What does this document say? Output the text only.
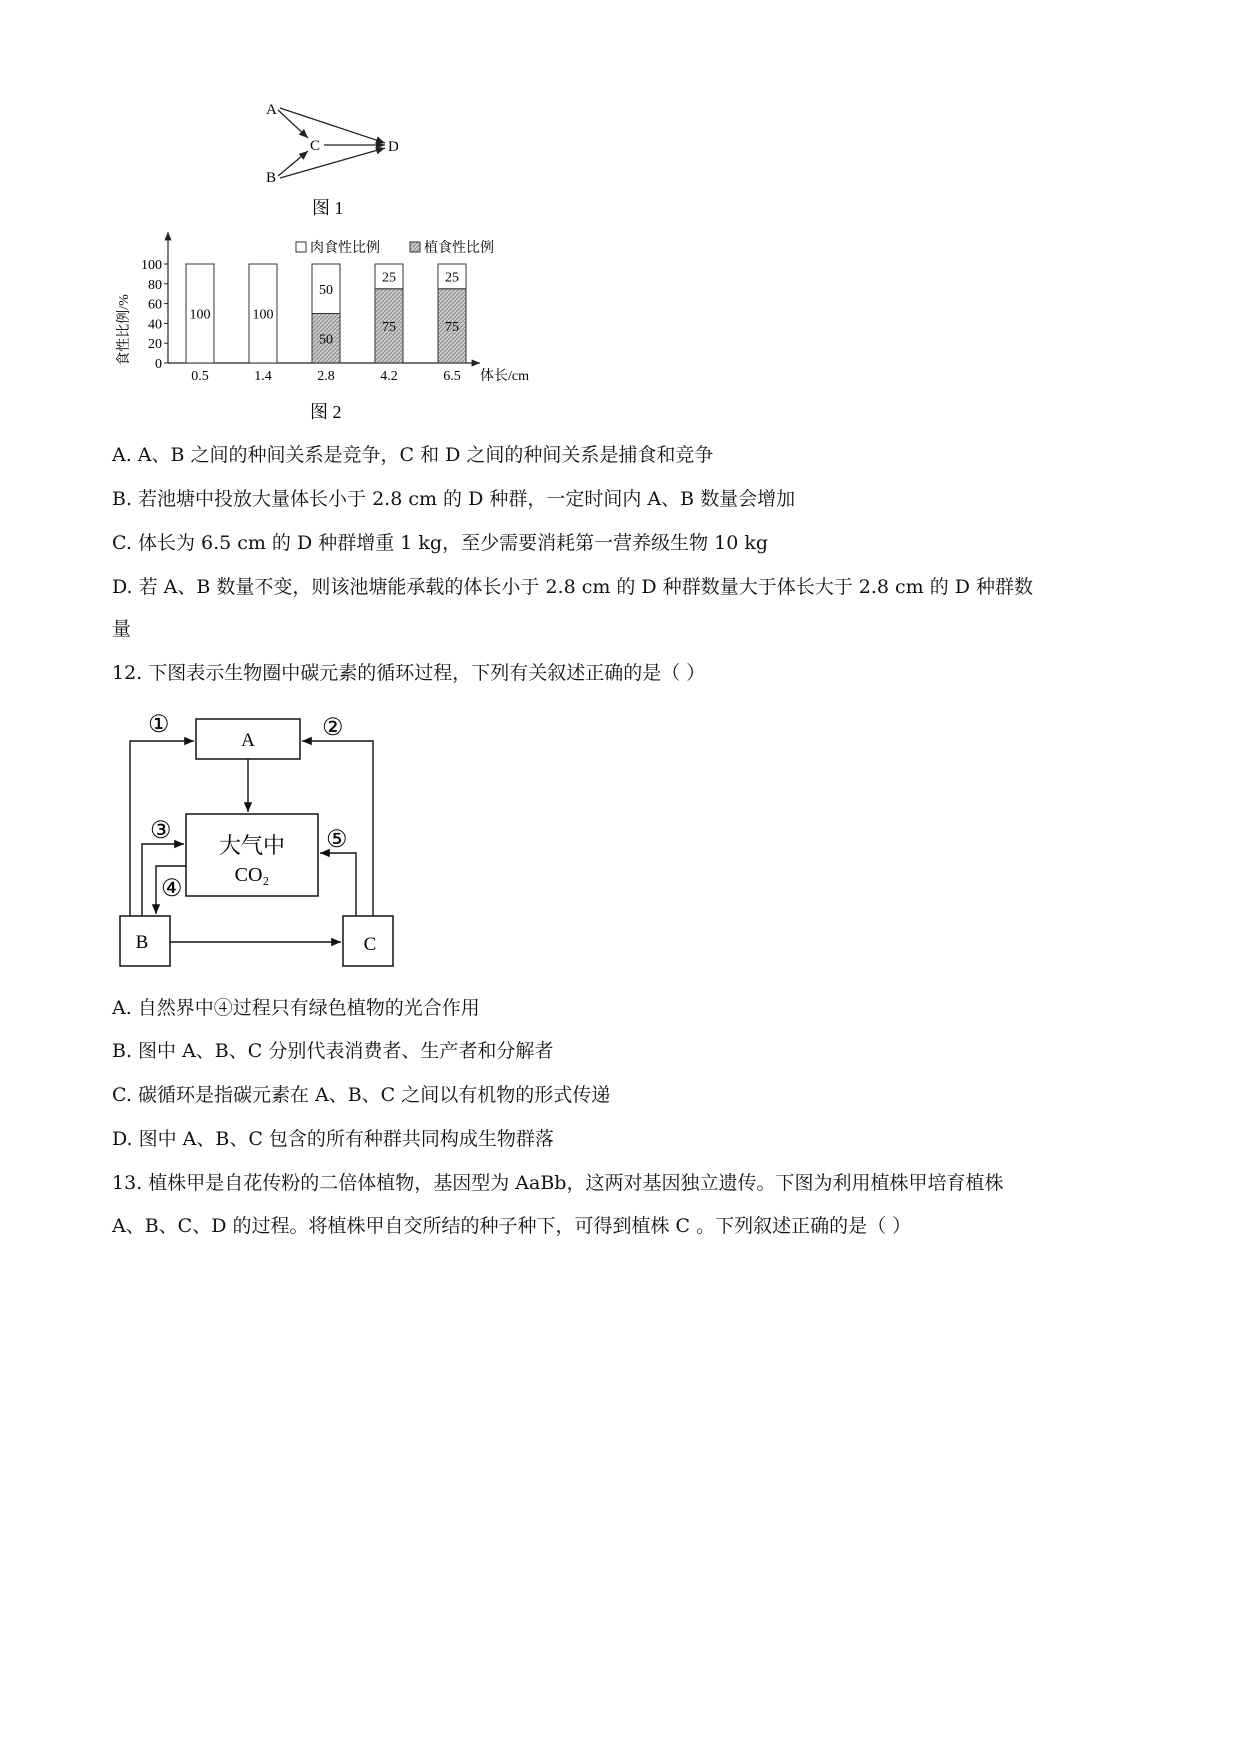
A
B
C	D
图 1
食性比例/% 0
20
40
60
80
100
100	100
50
50
75
25
75
25
0.5	1.4	2.8	4.2	6.5 体长/cm
肉食性比例	植食性比例
图 2
A. A、B 之间的种间关系是竞争，C 和 D 之间的种间关系是捕食和竞争
B. 若池塘中投放大量体长小于 2.8 cm 的 D 种群，一定时间内 A、B 数量会增加
C. 体长为 6.5 cm 的 D 种群增重 1 kg，至少需要消耗第一营养级生物 10 kg
D. 若 A、B 数量不变，则该池塘能承载的体长小于 2.8 cm 的 D 种群数量大于体长大于 2.8 cm 的 D 种群数
量
12. 下图表示生物圈中碳元素的循环过程，下列有关叙述正确的是（ ）
A
大气中
CO₂
B	C
①	②
③
④
⑤
A. 自然界中④过程只有绿色植物的光合作用
B. 图中 A、B、C 分别代表消费者、生产者和分解者
C. 碳循环是指碳元素在 A、B、C 之间以有机物的形式传递
D. 图中 A、B、C 包含的所有种群共同构成生物群落
13. 植株甲是自花传粉的二倍体植物，基因型为 AaBb，这两对基因独立遗传。下图为利用植株甲培育植株
A、B、C、D 的过程。将植株甲自交所结的种子种下，可得到植株 C 。下列叙述正确的是（ ）
